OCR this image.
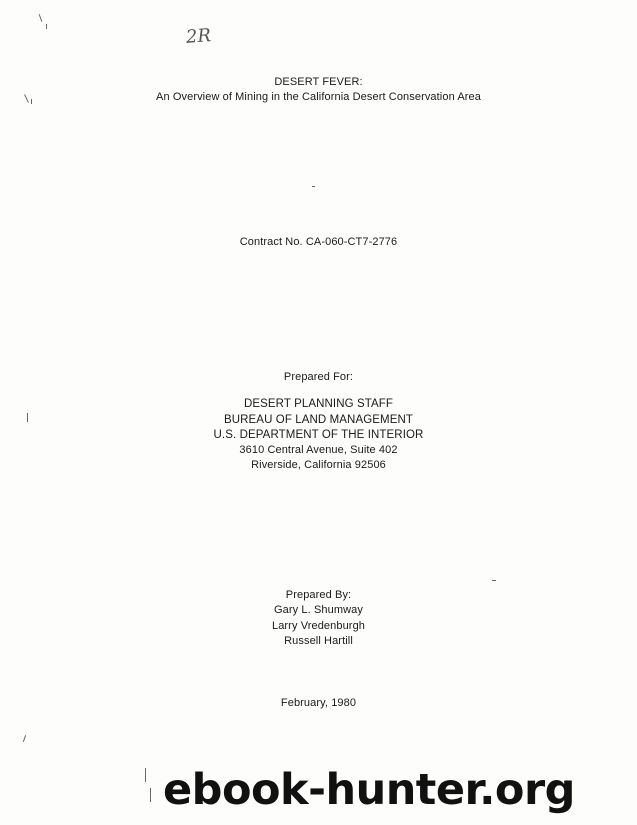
2R
DESERT FEVER:
An Overview of Mining in the California Desert Conservation Area
Contract No. CA-060-CT7-2776
Prepared For:
DESERT PLANNING STAFF
BUREAU OF LAND MANAGEMENT
U.S. DEPARTMENT OF THE INTERIOR
3610 Central Avenue, Suite 402
Riverside, California 92506
Prepared By:
Gary L. Shumway
Larry Vredenburgh
Russell Hartill
February, 1980
ebook-hunter.org
